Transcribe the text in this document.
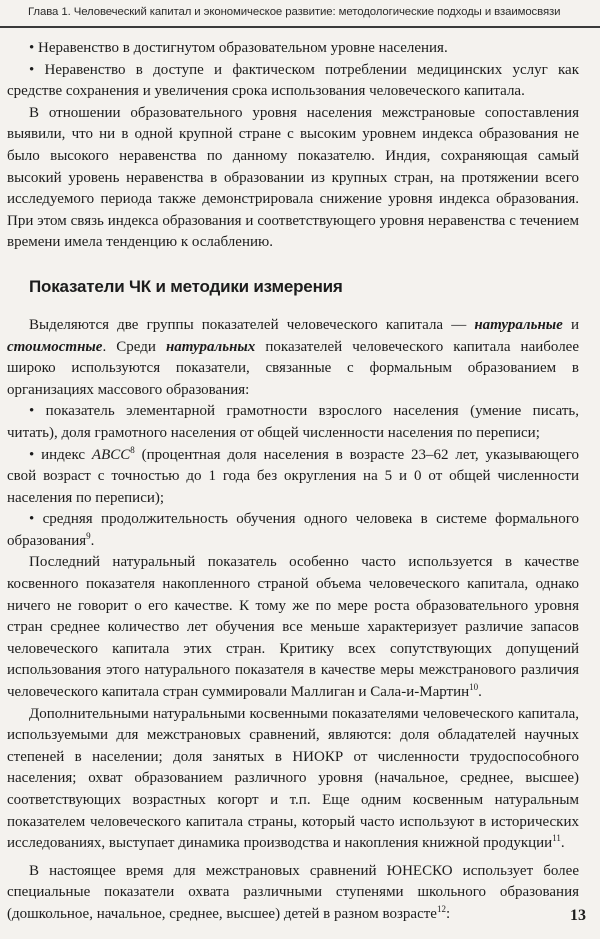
Глава 1. Человеческий капитал и экономическое развитие: методологические подходы и взаимосвязи

• Неравенство в достигнутом образовательном уровне населения.

• Неравенство в доступе и фактическом потреблении медицинских услуг как средстве сохранения и увеличения срока использования человеческого капитала.

В отношении образовательного уровня населения межстрановые сопоставления выявили, что ни в одной крупной стране с высоким уровнем индекса образования не было высокого неравенства по данному показателю. Индия, сохраняющая самый высокий уровень неравенства в образовании из крупных стран, на протяжении всего исследуемого периода также демонстрировала снижение уровня индекса образования. При этом связь индекса образования и соответствующего уровня неравенства с течением времени имела тенденцию к ослаблению.

Показатели ЧК и методики измерения

Выделяются две группы показателей человеческого капитала — натуральные и стоимостные. Среди натуральных показателей человеческого капитала наиболее широко используются показатели, связанные с формальным образованием в организациях массового образования:

• показатель элементарной грамотности взрослого населения (умение писать, читать), доля грамотного населения от общей численности населения по переписи;

• индекс ABCC$^8$ (процентная доля населения в возрасте 23–62 лет, указывающего свой возраст с точностью до 1 года без округления на 5 и 0 от общей численности населения по переписи);

• средняя продолжительность обучения одного человека в системе формального образования$^9$.

Последний натуральный показатель особенно часто используется в качестве косвенного показателя накопленного страной объема человеческого капитала, однако ничего не говорит о его качестве. К тому же по мере роста образовательного уровня стран среднее количество лет обучения все меньше характеризует различие запасов человеческого капитала этих стран. Критику всех сопутствующих допущений использования этого натурального показателя в качестве меры межстранового различия человеческого капитала стран суммировали Маллиган и Сала-и-Мартин$^{10}$.

Дополнительными натуральными косвенными показателями человеческого капитала, используемыми для межстрановых сравнений, являются: доля обладателей научных степеней в населении; доля занятых в НИОКР от численности трудоспособного населения; охват образованием различного уровня (начальное, среднее, высшее) соответствующих возрастных когорт и т.п. Еще одним косвенным натуральным показателем человеческого капитала страны, который часто используют в исторических исследованиях, выступает динамика производства и накопления книжной продукции$^{11}$.

В настоящее время для межстрановых сравнений ЮНЕСКО использует более специальные показатели охвата различными ступенями школьного образования (дошкольное, начальное, среднее, высшее) детей в разном возрасте$^{12}$:	13
